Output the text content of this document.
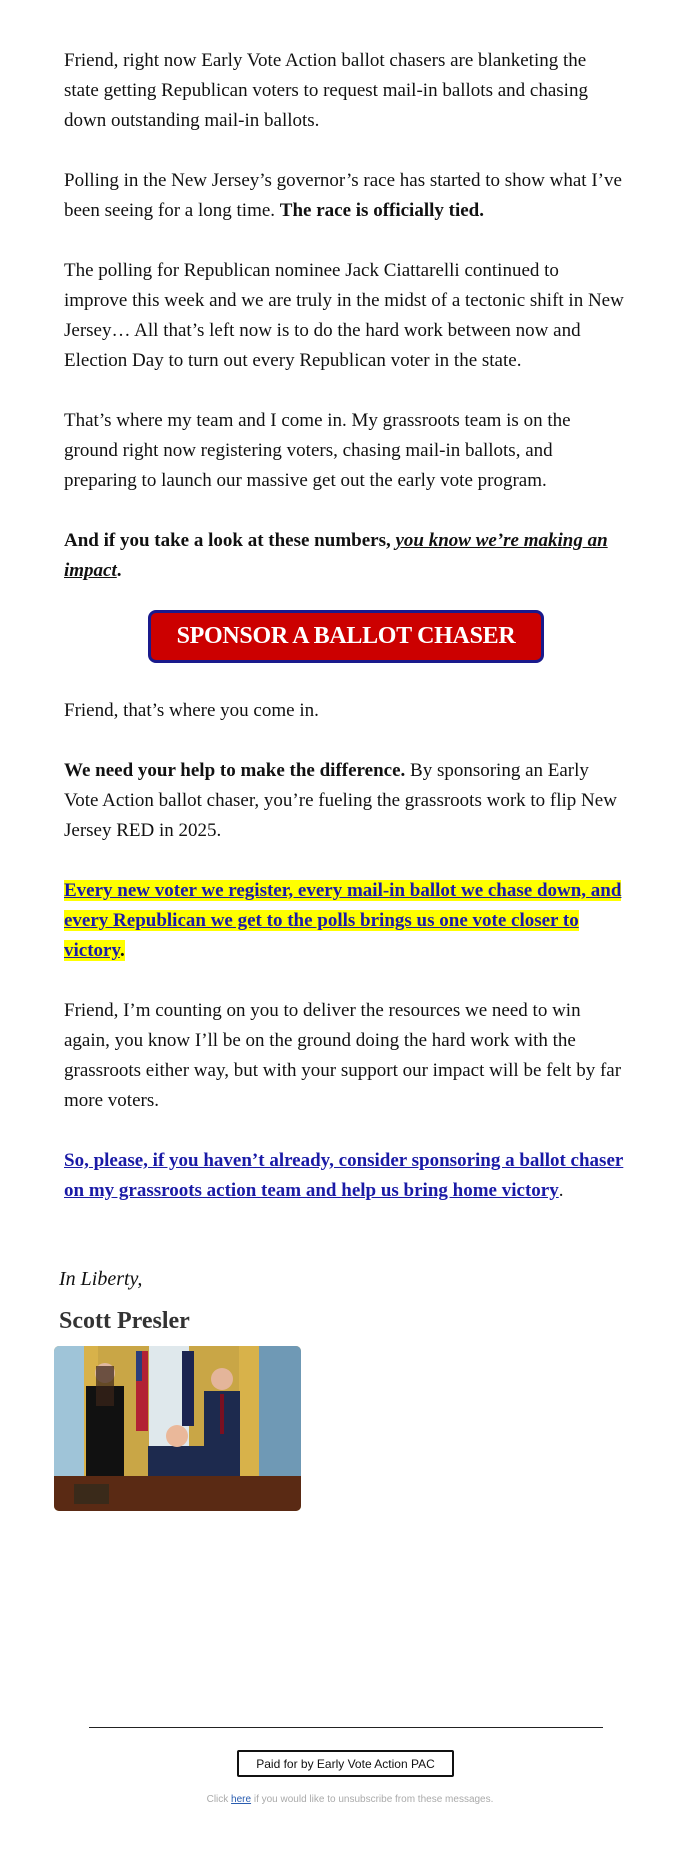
Friend, right now Early Vote Action ballot chasers are blanketing the state getting Republican voters to request mail-in ballots and chasing down outstanding mail-in ballots.

Polling in the New Jersey’s governor’s race has started to show what I’ve been seeing for a long time. The race is officially tied.

The polling for Republican nominee Jack Ciattarelli continued to improve this week and we are truly in the midst of a tectonic shift in New Jersey… All that’s left now is to do the hard work between now and Election Day to turn out every Republican voter in the state.

That’s where my team and I come in. My grassroots team is on the ground right now registering voters, chasing mail-in ballots, and preparing to launch our massive get out the early vote program.

And if you take a look at these numbers, you know we’re making an impact.

SPONSOR A BALLOT CHASER

Friend, that’s where you come in.

We need your help to make the difference. By sponsoring an Early Vote Action ballot chaser, you’re fueling the grassroots work to flip New Jersey RED in 2025.

Every new voter we register, every mail-in ballot we chase down, and every Republican we get to the polls brings us one vote closer to victory.

Friend, I’m counting on you to deliver the resources we need to win again, you know I’ll be on the ground doing the hard work with the grassroots either way, but with your support our impact will be felt by far more voters.

So, please, if you haven’t already, consider sponsoring a ballot chaser on my grassroots action team and help us bring home victory.

In Liberty,
Scott Presler
Paid for by Early Vote Action PAC
Click here if you would like to unsubscribe from these messages.
